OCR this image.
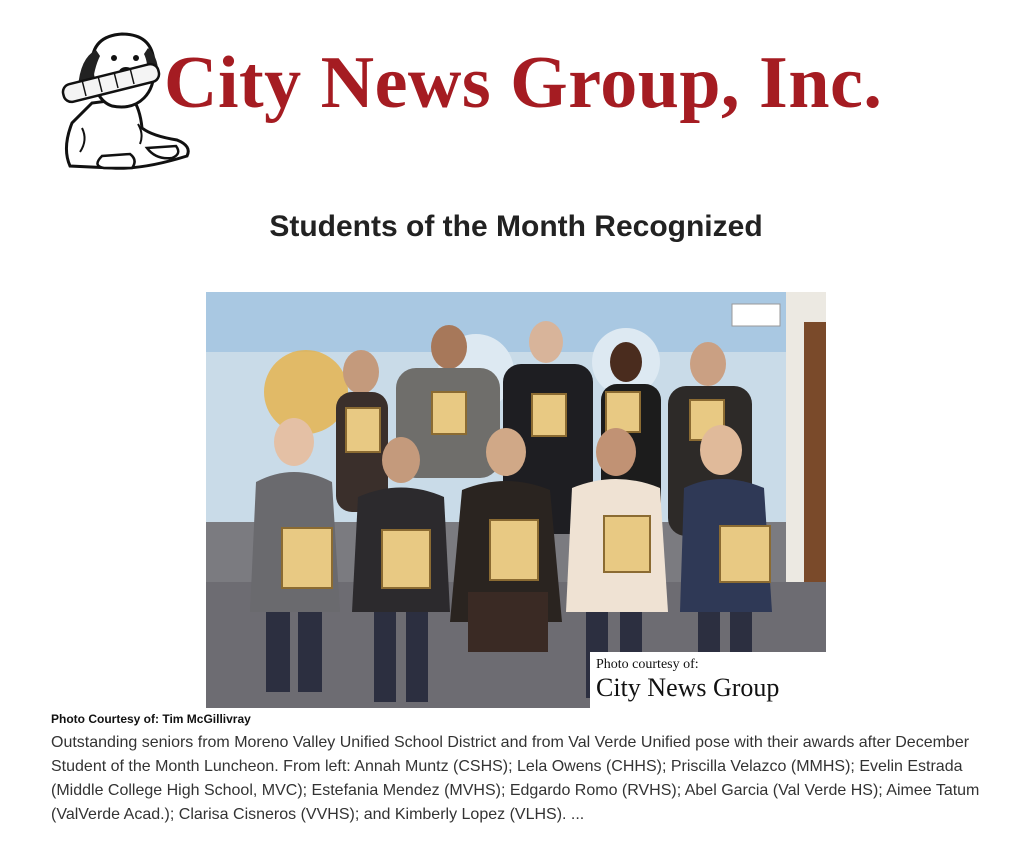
City News Group, Inc.
Students of the Month Recognized
Photo courtesy of:
City News Group

Photo Courtesy of: Tim McGillivray

Outstanding seniors from Moreno Valley Unified School District and from Val Verde Unified pose with their awards after December Student of the Month Luncheon. From left: Annah Muntz (CSHS); Lela Owens (CHHS); Priscilla Velazco (MMHS); Evelin Estrada (Middle College High School, MVC); Estefania Mendez (MVHS); Edgardo Romo (RVHS); Abel Garcia (Val Verde HS); Aimee Tatum (ValVerde Acad.); Clarisa Cisneros (VVHS); and Kimberly Lopez (VLHS). ...
